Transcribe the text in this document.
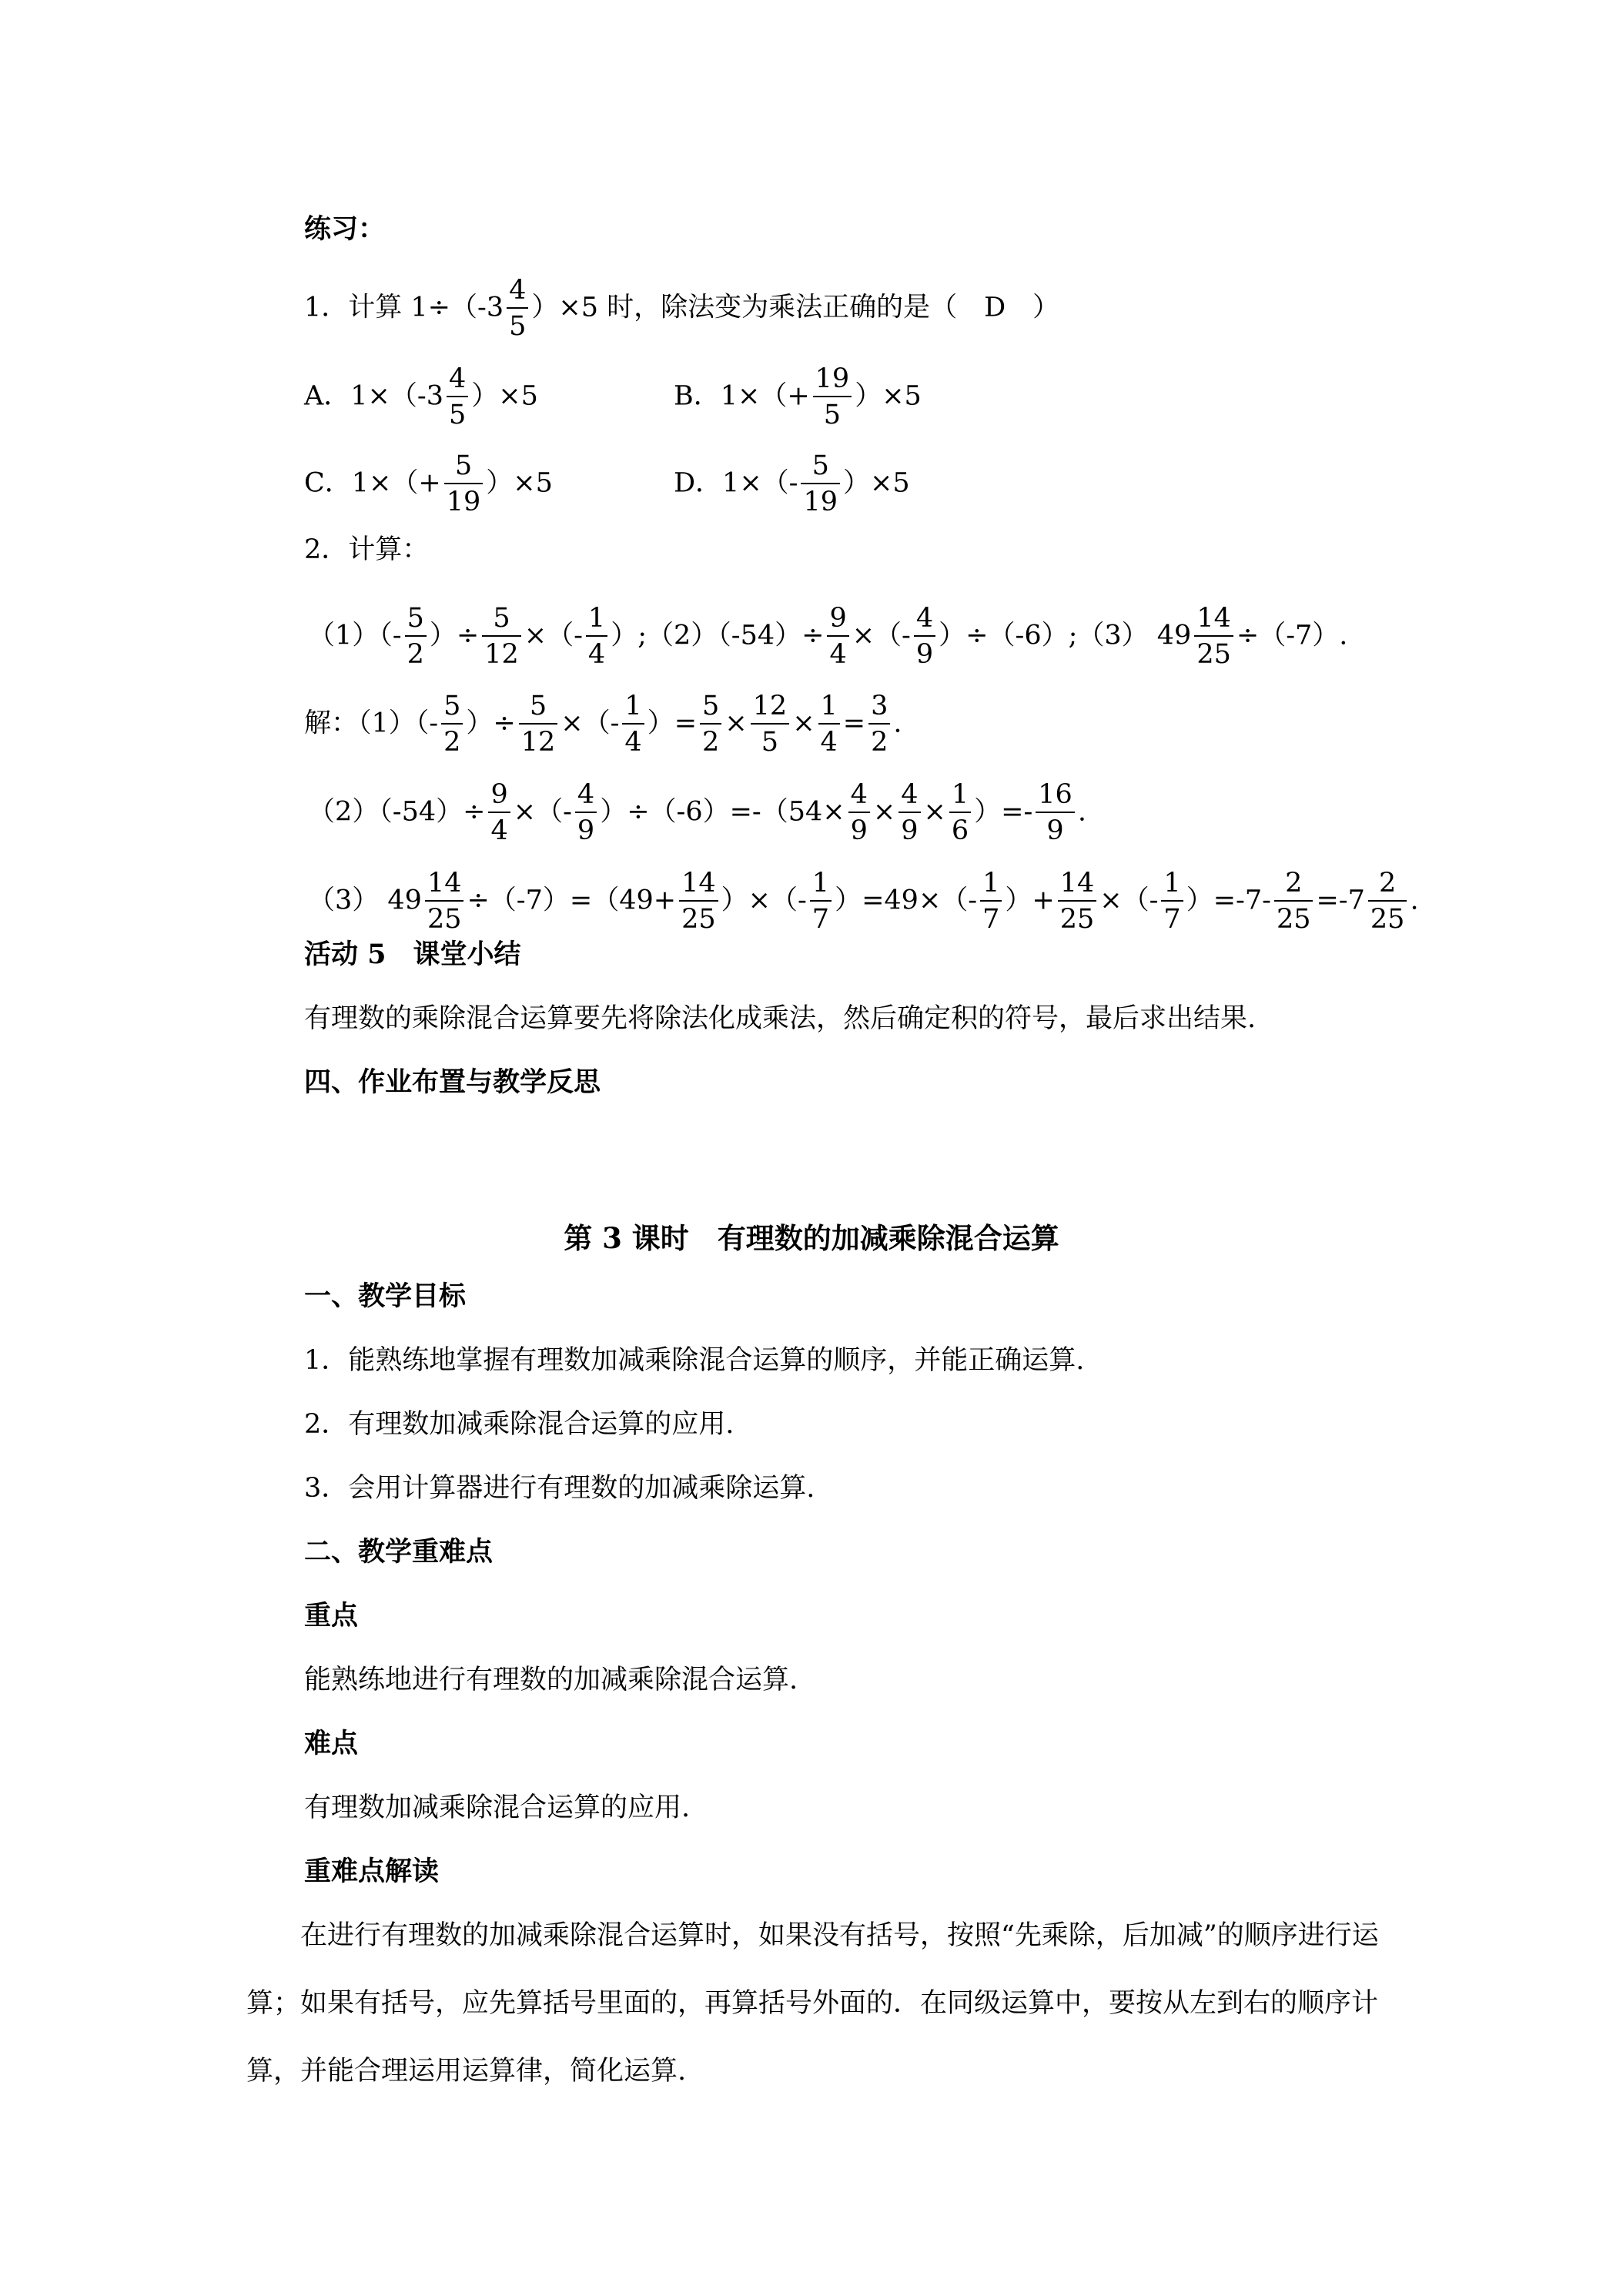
练习：
1．计算 $1\div(-3 \frac{4}{5} )\times 5$ 时，除法变为乘法正确的是（　D　）
A．$1\times(-3 \frac{4}{5} )\times 5$	B．$1\times(+ \frac{19}{5} )\times 5$
C．$1\times(+ \frac{5}{19} )\times 5$	D．$1\times(- \frac{5}{19} )\times 5$
2．计算：
$(1)(- \frac{5}{2}$ ）÷ $\frac{5}{12}$ ×（- $\frac{1}{4}$ ）;（2）（-54）÷ $\frac{9}{4}$ ×（- $\frac{4}{9}$ ）÷（-6）;（3） $49 \frac{14}{25} \div(-7)$.
解：$(1)(- \frac{5}{2}$ ）÷ $\frac{5}{12}$ ×（- $\frac{1}{4}$ ）= $\frac{5}{2} \times \frac{12}{5} \times \frac{1}{4} = \frac{3}{2}$ .
$(2)(-54)\div \frac{9}{4}$ ×（- $\frac{4}{9} )\div(-6)=-(54\times \frac{4}{9} \times \frac{4}{9} \times \frac{1}{6}$ ）=- $\frac{16}{9}$ .
（3） $49 \frac{14}{25} \div(-7)=(49+ \frac{14}{25}$ ）×（- $\frac{1}{7} )=49\times(- \frac{1}{7}$ ）+ $\frac{14}{25}$ ×（- $\frac{1}{7} )=-7- \frac{2}{25} =-7 \frac{2}{25}$ .
活动 5　课堂小结
有理数的乘除混合运算要先将除法化成乘法，然后确定积的符号，最后求出结果.
四、作业布置与教学反思
第 3 课时　有理数的加减乘除混合运算
一、教学目标
1．能熟练地掌握有理数加减乘除混合运算的顺序，并能正确运算.
2．有理数加减乘除混合运算的应用.
3．会用计算器进行有理数的加减乘除运算.
二、教学重难点
重点
能熟练地进行有理数的加减乘除混合运算.
难点
有理数加减乘除混合运算的应用.
重难点解读
在进行有理数的加减乘除混合运算时，如果没有括号，按照“先乘除，后加减”的顺序进行运算；如果有括号，应先算括号里面的，再算括号外面的．在同级运算中，要按从左到右的顺序计算，并能合理运用运算律，简化运算.
